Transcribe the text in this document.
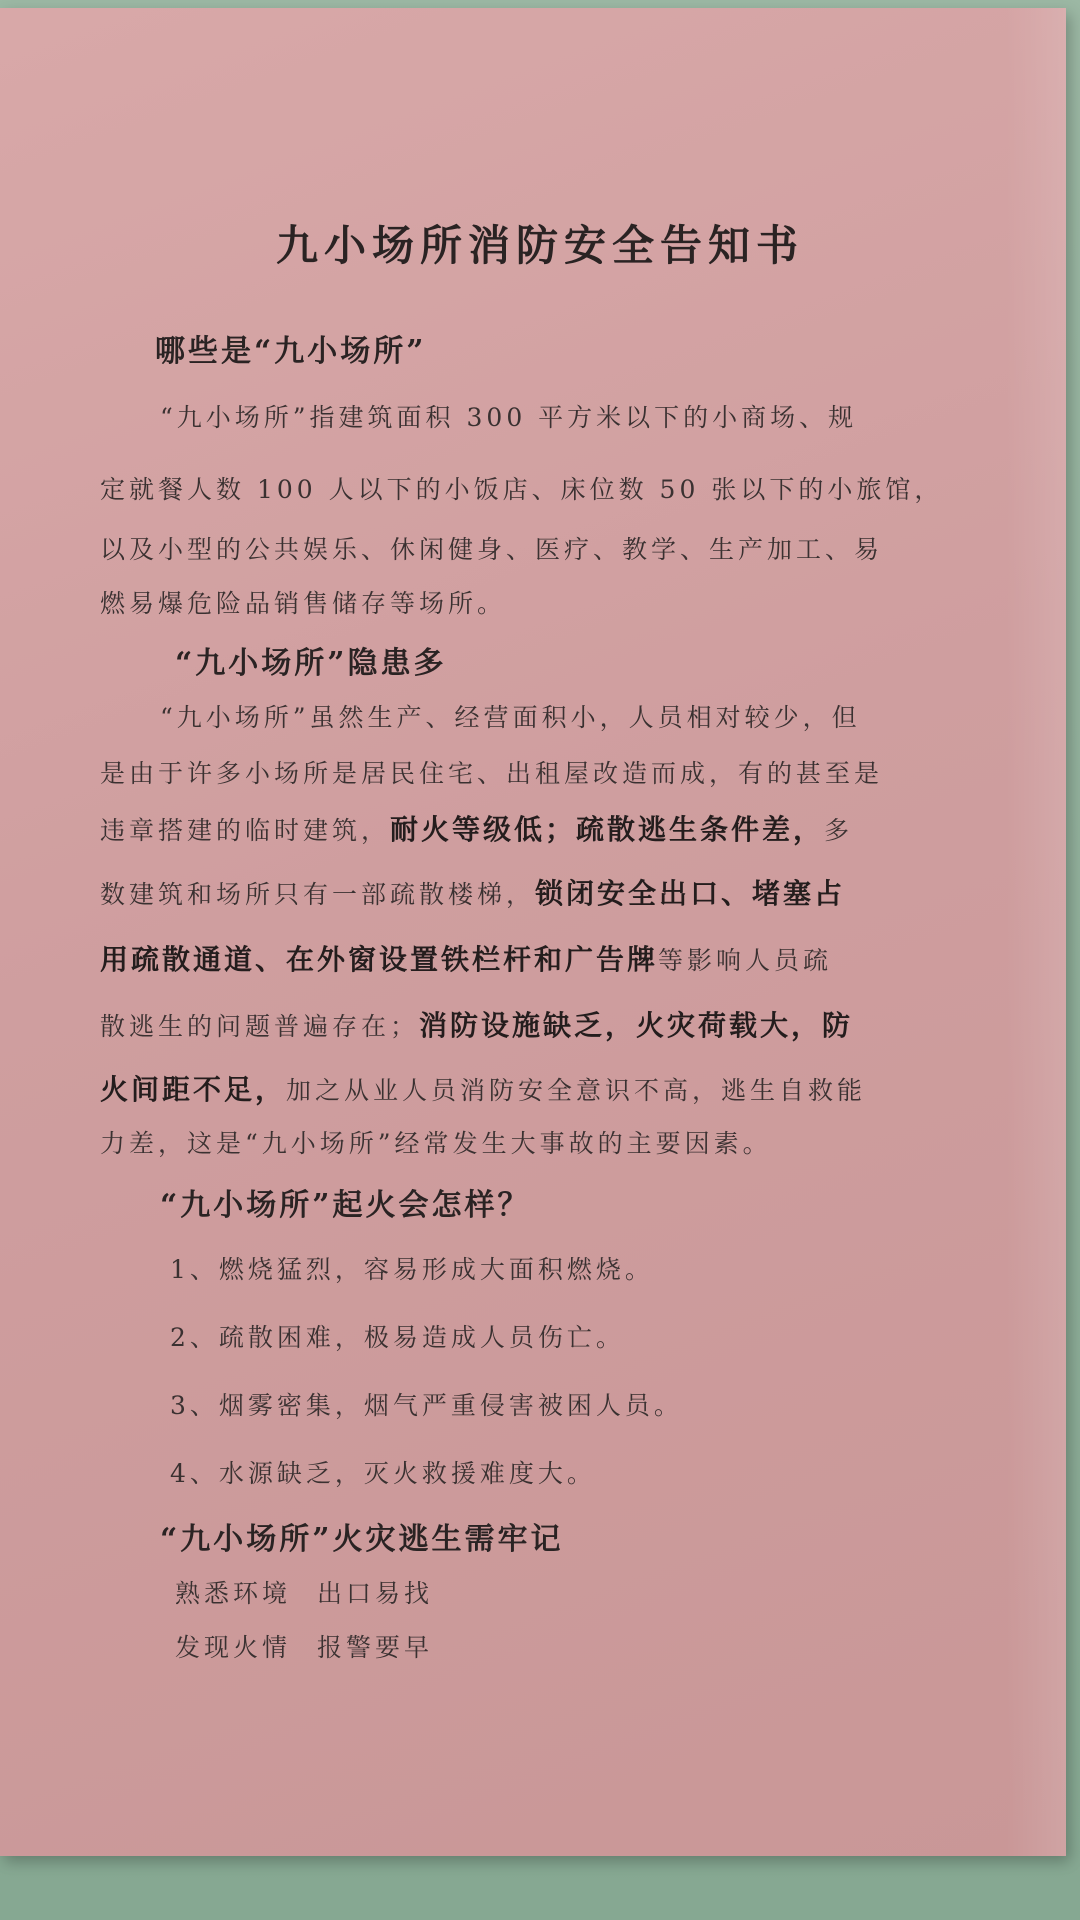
九小场所消防安全告知书
哪些是“九小场所”
“九小场所”指建筑面积 300 平方米以下的小商场、规
定就餐人数 100 人以下的小饭店、床位数 50 张以下的小旅馆，
以及小型的公共娱乐、休闲健身、医疗、教学、生产加工、易
燃易爆危险品销售储存等场所。
“九小场所”隐患多
“九小场所”虽然生产、经营面积小，人员相对较少，但
是由于许多小场所是居民住宅、出租屋改造而成，有的甚至是
违章搭建的临时建筑，耐火等级低；疏散逃生条件差，多
数建筑和场所只有一部疏散楼梯，锁闭安全出口、堵塞占
用疏散通道、在外窗设置铁栏杆和广告牌等影响人员疏
散逃生的问题普遍存在；消防设施缺乏，火灾荷载大，防
火间距不足，加之从业人员消防安全意识不高，逃生自救能
力差，这是“九小场所”经常发生大事故的主要因素。
“九小场所”起火会怎样？
1、燃烧猛烈，容易形成大面积燃烧。
2、疏散困难，极易造成人员伤亡。
3、烟雾密集，烟气严重侵害被困人员。
4、水源缺乏，灭火救援难度大。
“九小场所”火灾逃生需牢记
熟悉环境 出口易找
发现火情 报警要早
